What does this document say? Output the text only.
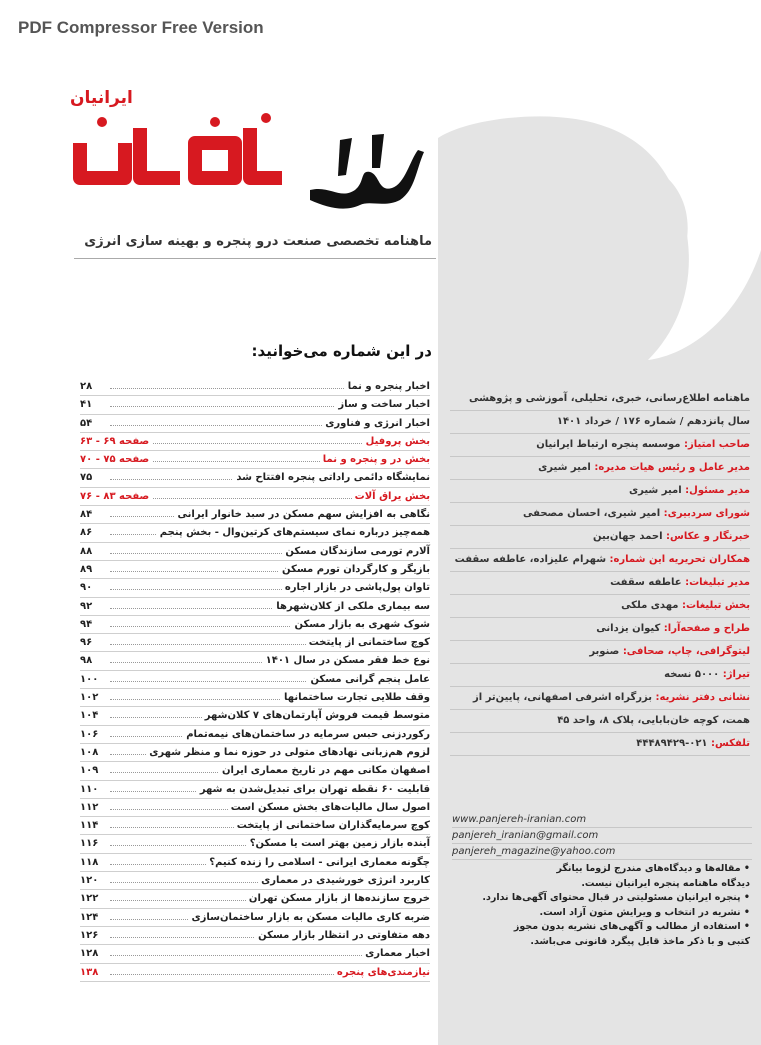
PDF Compressor Free Version
ماهنامه اطلاع‌رسانی، خبری، تحلیلی، آموزشی و پژوهشی
سال پانزدهم / شماره ۱۷۶ / خرداد ۱۴۰۱
صاحب امتیاز: موسسه پنجره ارتباط ایرانیان
مدیر عامل و رئیس هیات مدیره: امیر شیری
مدیر مسئول: امیر شیری
شورای سردبیری: امیر شیری، احسان مصحفی
خبرنگار و عکاس: احمد جهان‌بین
همکاران تحریریه این شماره: شهرام علیزاده، عاطفه سقفت
مدیر تبلیغات: عاطفه سقفت
بخش تبلیغات: مهدی ملکی
طراح و صفحه‌آرا: کیوان یزدانی
لیتوگرافی، چاپ، صحافی: صنوبر
تیراژ: ۵۰۰۰ نسخه
نشانی دفتر نشریه: بزرگراه اشرفی اصفهانی، پایین‌تر از
همت، کوچه خان‌بابایی، پلاک ۸، واحد ۴۵
تلفکس: ۰۲۱-۴۴۴۸۹۴۲۹
www.panjereh-iranian.com
panjereh_iranian@gmail.com
panjereh_magazine@yahoo.com
• مقاله‌ها و دیدگاه‌های مندرج لزوما بیانگر
دیدگاه ماهنامه پنجره ایرانیان نیست.
• پنجره ایرانیان مسئولیتی در قبال محتوای آگهی‌ها ندارد.
• نشریه در انتخاب و ویرایش متون آزاد است.
• استفاده از مطالب و آگهی‌های نشریه بدون مجوز
کتبی و با ذکر ماخذ قابل پیگرد قانونی می‌باشد.
ایرانیان
ماهنامه تخصصی صنعت درو پنجره و بهینه سازی انرژی
در این شماره می‌خوانید:
اخبار پنجره و نما
۲۸
اخبار ساخت و ساز
۴۱
اخبار انرژی و فناوری
۵۴
بخش پروفیل
صفحه ۶۹ - ۶۳
بخش در و پنجره و نما
صفحه ۷۵ - ۷۰
نمایشگاه دائمی راداتی پنجره افتتاح شد
۷۵
بخش یراق آلات
صفحه ۸۳ - ۷۶
نگاهی به افزایش سهم مسکن در سبد خانوار ایرانی
۸۴
همه‌چیز درباره نمای سیستم‌های کرتین‌وال - بخش پنجم
۸۶
آلارم تورمی سازندگان مسکن
۸۸
بازیگر و کارگردان تورم مسکن
۸۹
تاوان پول‌پاشی در بازار اجاره
۹۰
سه بیماری ملکی از کلان‌شهرها
۹۲
شوک شهری به بازار مسکن
۹۴
کوچ ساختمانی از پایتخت
۹۶
نوع خط فقر مسکن در سال ۱۴۰۱
۹۸
عامل پنجم گرانی مسکن
۱۰۰
وقف طلایی تجارت ساختمانها
۱۰۲
متوسط قیمت فروش آپارتمان‌های ۷ کلان‌شهر
۱۰۴
رکوردزنی حبس سرمایه در ساختمان‌های نیمه‌تمام
۱۰۶
لزوم هم‌زبانی نهادهای متولی در حوزه نما و منظر شهری
۱۰۸
اصفهان مکانی مهم در تاریخ معماری ایران
۱۰۹
قابلیت ۶۰ نقطه تهران برای تبدیل‌شدن به شهر
۱۱۰
اصول سال مالیات‌های بخش مسکن است
۱۱۲
کوچ سرمایه‌گذاران ساختمانی از پایتخت
۱۱۴
آینده بازار زمین بهتر است یا مسکن؟
۱۱۶
چگونه معماری ایرانی - اسلامی را زنده کنیم؟
۱۱۸
کاربرد انرژی خورشیدی در معماری
۱۲۰
خروج سازنده‌ها از بازار مسکن تهران
۱۲۲
ضربه کاری مالیات مسکن به بازار ساختمان‌سازی
۱۲۴
دهه متفاوتی در انتظار بازار مسکن
۱۲۶
اخبار معماری
۱۲۸
نیازمندی‌های پنجره
۱۳۸
